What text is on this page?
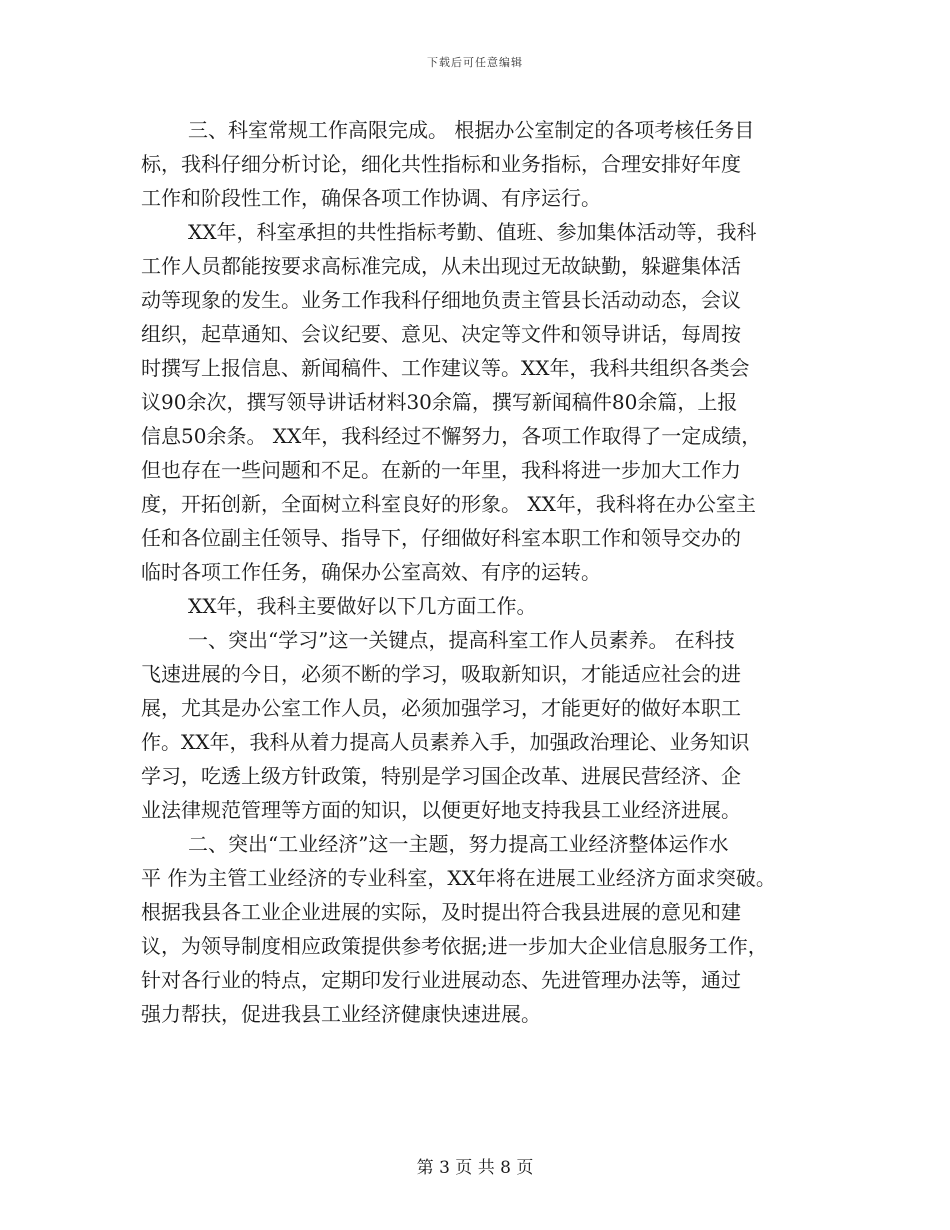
下载后可任意编辑
三、科室常规工作高限完成。 根据办公室制定的各项考核任务目
标，我科仔细分析讨论，细化共性指标和业务指标，合理安排好年度
工作和阶段性工作，确保各项工作协调、有序运行。
XX年，科室承担的共性指标考勤、值班、参加集体活动等，我科
工作人员都能按要求高标准完成，从未出现过无故缺勤，躲避集体活
动等现象的发生。业务工作我科仔细地负责主管县长活动动态，会议
组织，起草通知、会议纪要、意见、决定等文件和领导讲话，每周按
时撰写上报信息、新闻稿件、工作建议等。XX年，我科共组织各类会
议90余次，撰写领导讲话材料30余篇，撰写新闻稿件80余篇，上报
信息50余条。 XX年，我科经过不懈努力，各项工作取得了一定成绩，
但也存在一些问题和不足。在新的一年里，我科将进一步加大工作力
度，开拓创新，全面树立科室良好的形象。 XX年，我科将在办公室主
任和各位副主任领导、指导下，仔细做好科室本职工作和领导交办的
临时各项工作任务，确保办公室高效、有序的运转。
XX年，我科主要做好以下几方面工作。
一、突出“学习”这一关键点，提高科室工作人员素养。 在科技
飞速进展的今日，必须不断的学习，吸取新知识，才能适应社会的进
展，尤其是办公室工作人员，必须加强学习，才能更好的做好本职工
作。XX年，我科从着力提高人员素养入手，加强政治理论、业务知识
学习，吃透上级方针政策，特别是学习国企改革、进展民营经济、企
业法律规范管理等方面的知识，以便更好地支持我县工业经济进展。
二、突出“工业经济”这一主题，努力提高工业经济整体运作水
平 作为主管工业经济的专业科室，XX年将在进展工业经济方面求突破。
根据我县各工业企业进展的实际，及时提出符合我县进展的意见和建
议，为领导制度相应政策提供参考依据;进一步加大企业信息服务工作，
针对各行业的特点，定期印发行业进展动态、先进管理办法等，通过
强力帮扶，促进我县工业经济健康快速进展。
第 3 页 共 8 页
